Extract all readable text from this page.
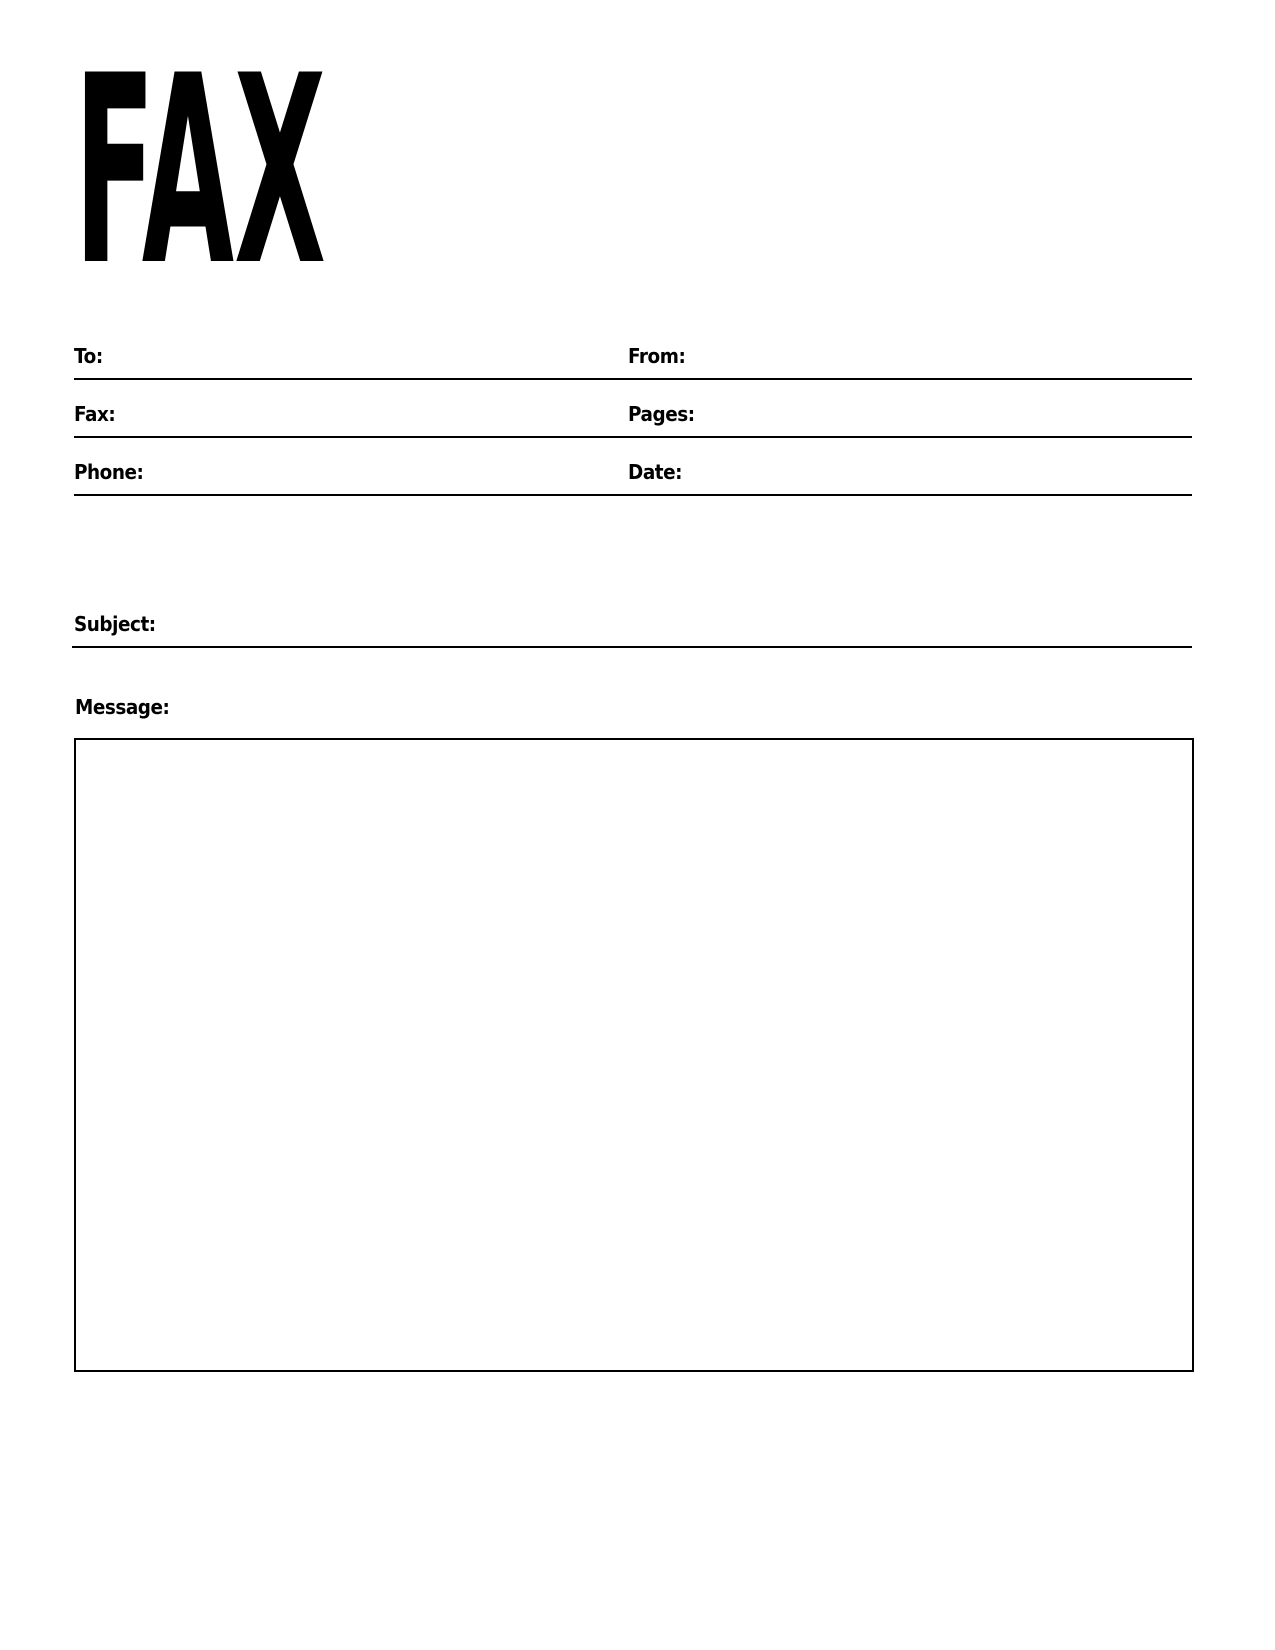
FAX
To:	From:
Fax:	Pages:
Phone:	Date:
Subject:
Message:
